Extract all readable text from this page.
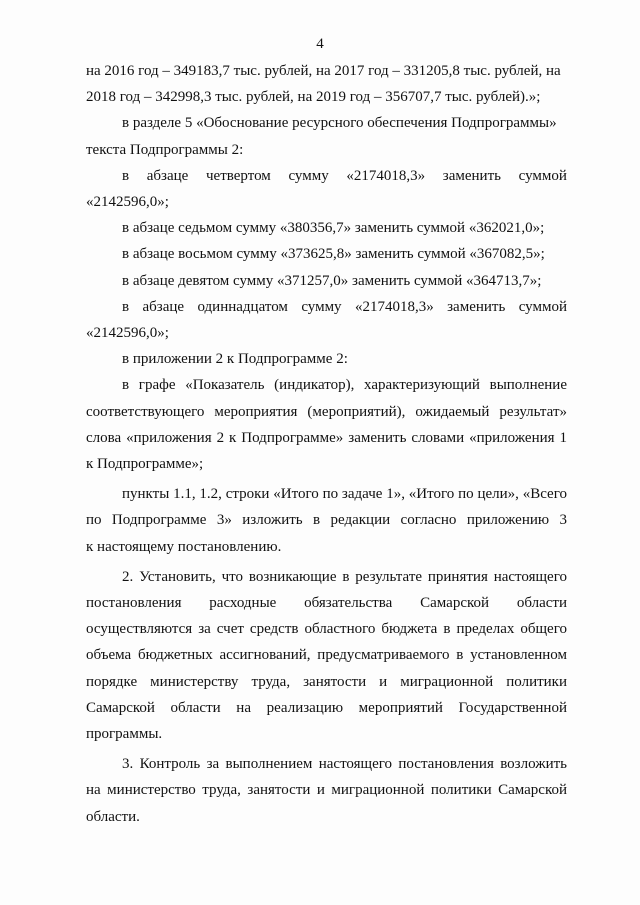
4

на 2016 год – 349183,7 тыс. рублей, на 2017 год – 331205,8 тыс. рублей, на
2018 год – 342998,3 тыс. рублей, на 2019 год – 356707,7 тыс. рублей).»;

в разделе 5 «Обоснование ресурсного обеспечения Подпрограммы»
текста Подпрограммы 2:

в абзаце четвертом сумму «2174018,3» заменить суммой
«2142596,0»;

в абзаце седьмом сумму «380356,7» заменить суммой «362021,0»;

в абзаце восьмом сумму «373625,8» заменить суммой «367082,5»;

в абзаце девятом сумму «371257,0» заменить суммой «364713,7»;

в абзаце одиннадцатом сумму «2174018,3» заменить суммой
«2142596,0»;

в приложении 2 к Подпрограмме 2:

в графе «Показатель (индикатор), характеризующий выполнение
соответствующего мероприятия (мероприятий), ожидаемый результат»
слова «приложения 2 к Подпрограмме» заменить словами «приложения 1
к Подпрограмме»;

пункты 1.1, 1.2, строки «Итого по задаче 1», «Итого по цели», «Всего
по Подпрограмме 3» изложить в редакции согласно приложению 3
к настоящему постановлению.

2. Установить, что возникающие в результате принятия настоящего
постановления расходные обязательства Самарской области
осуществляются за счет средств областного бюджета в пределах общего
объема бюджетных ассигнований, предусматриваемого в установленном
порядке министерству труда, занятости и миграционной политики
Самарской области на реализацию мероприятий Государственной
программы.

3. Контроль за выполнением настоящего постановления возложить
на министерство труда, занятости и миграционной политики Самарской
области.
